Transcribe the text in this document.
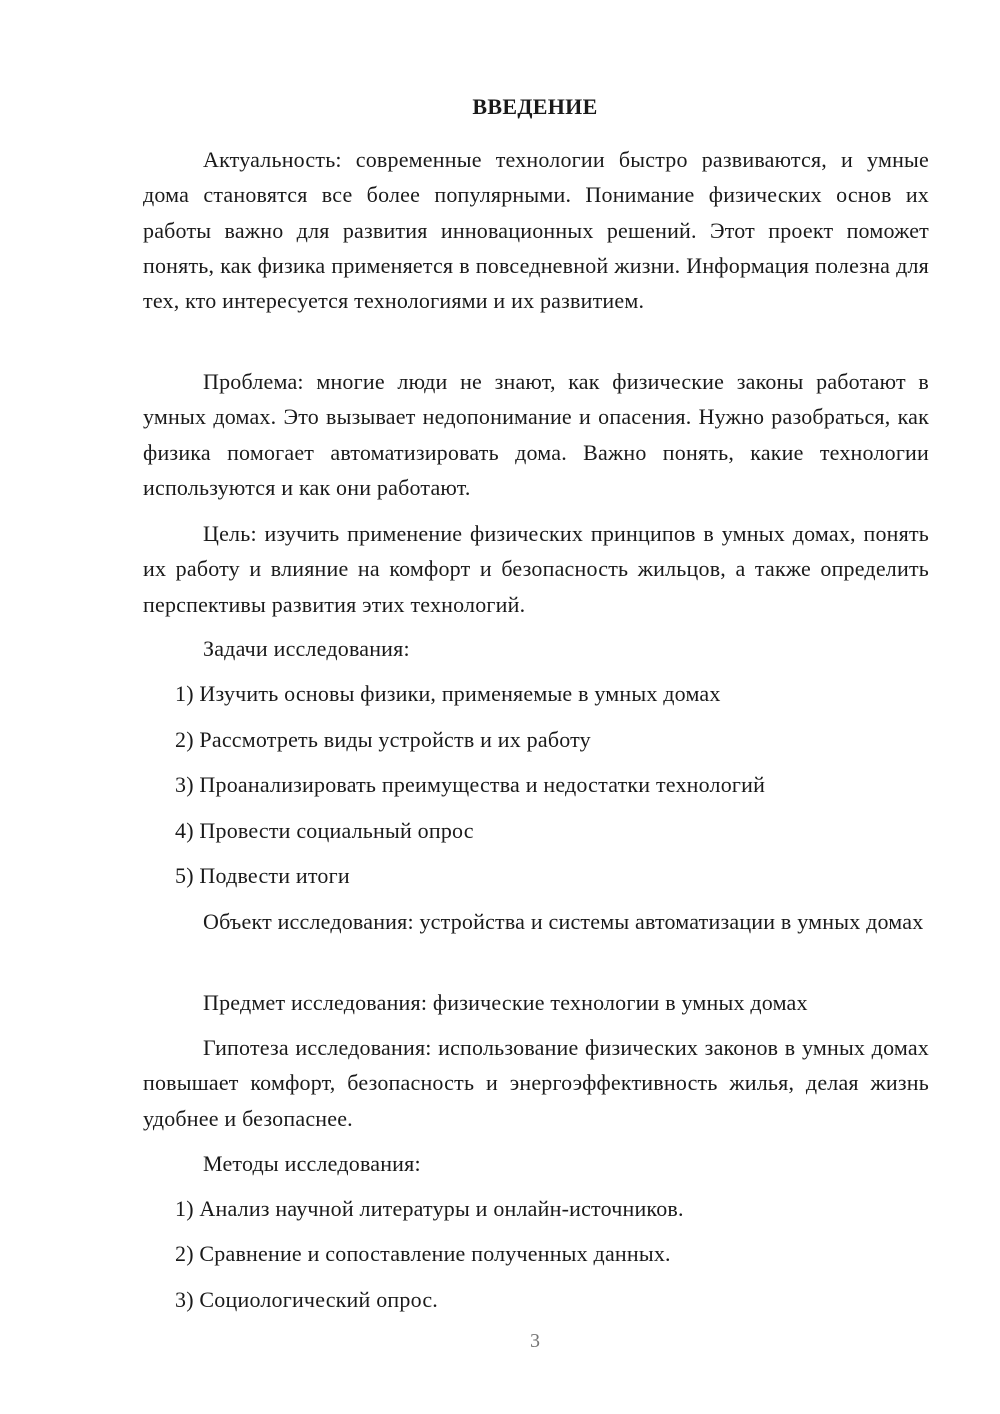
ВВЕДЕНИЕ

Актуальность: современные технологии быстро развиваются, и умные дома становятся все более популярными. Понимание физических основ их работы важно для развития инновационных решений. Этот проект поможет понять, как физика применяется в повседневной жизни. Информация полезна для тех, кто интересуется технологиями и их развитием.

Проблема: многие люди не знают, как физические законы работают в умных домах. Это вызывает недопонимание и опасения. Нужно разобраться, как физика помогает автоматизировать дома. Важно понять, какие технологии используются и как они работают.

Цель: изучить применение физических принципов в умных домах, понять их работу и влияние на комфорт и безопасность жильцов, а также определить перспективы развития этих технологий.

Задачи исследования:

1) Изучить основы физики, применяемые в умных домах

2) Рассмотреть виды устройств и их работу

3) Проанализировать преимущества и недостатки технологий

4) Провести социальный опрос

5) Подвести итоги

Объект исследования: устройства и системы автоматизации в умных домах

Предмет исследования: физические технологии в умных домах

Гипотеза исследования: использование физических законов в умных домах повышает комфорт, безопасность и энергоэффективность жилья, делая жизнь удобнее и безопаснее.

Методы исследования:

1) Анализ научной литературы и онлайн-источников.

2) Сравнение и сопоставление полученных данных.

3) Социологический опрос.

3
